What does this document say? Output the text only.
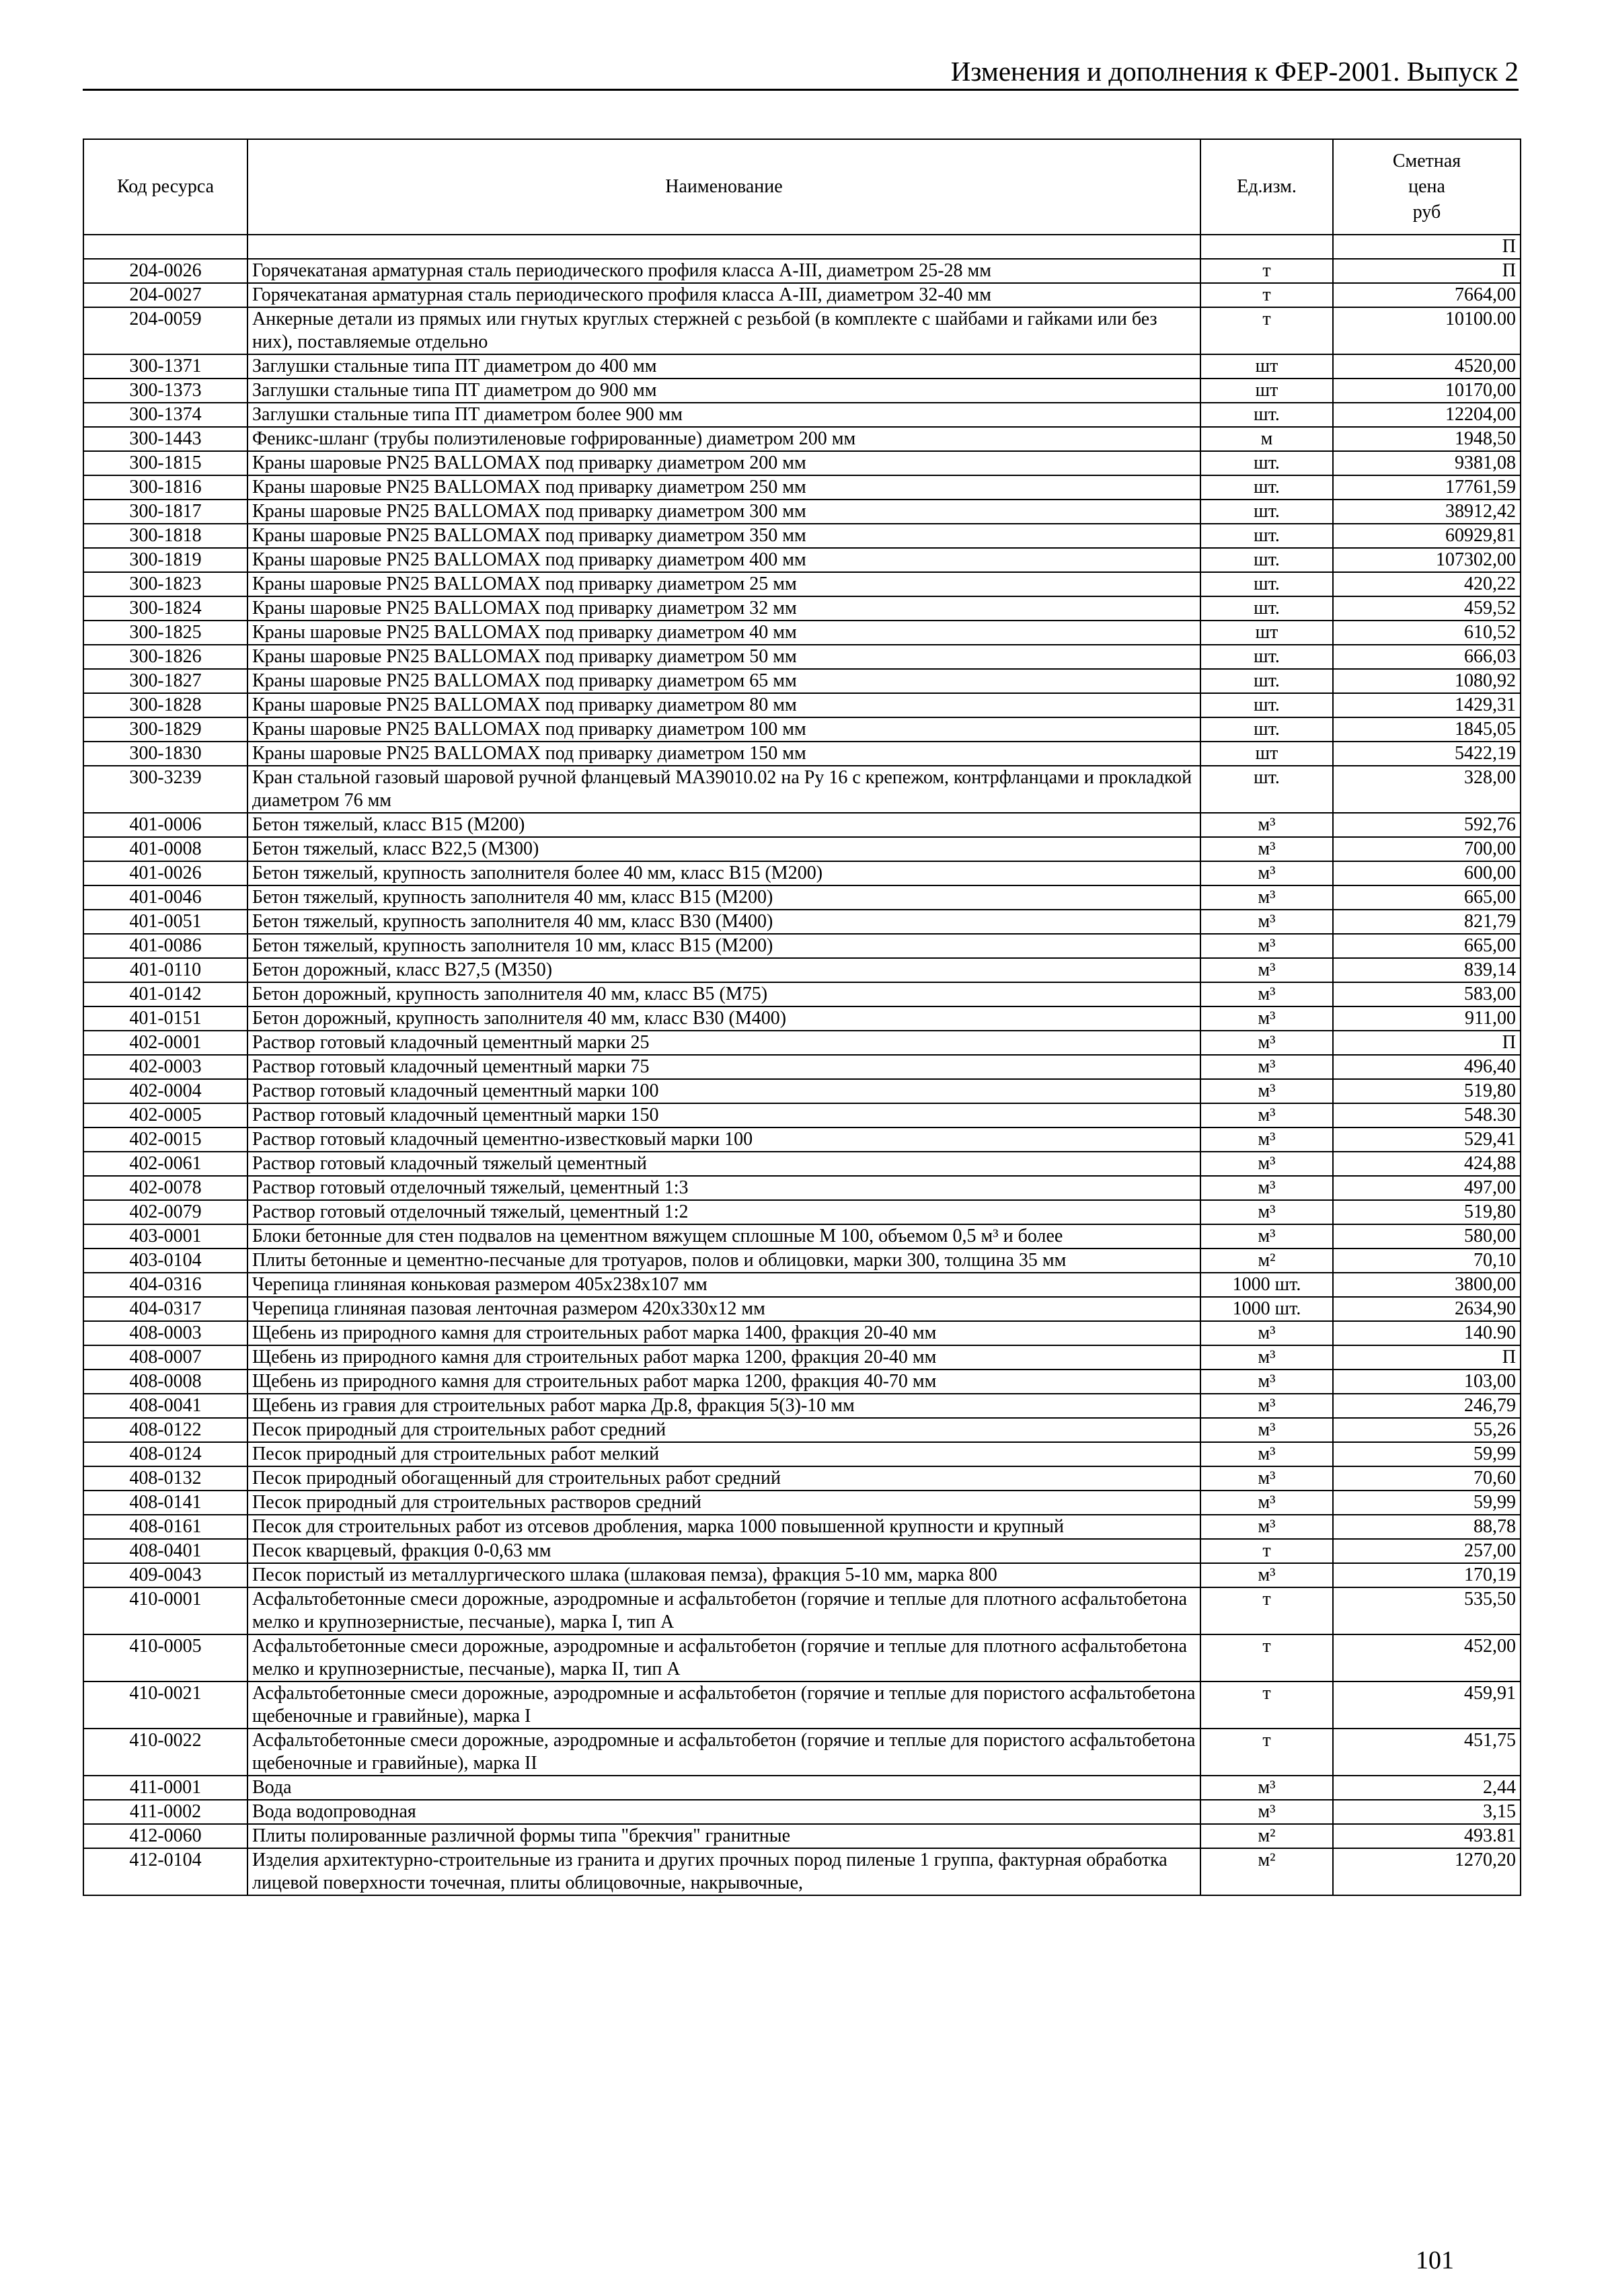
Изменения и дополнения к ФЕР-2001. Выпуск 2
Код ресурса	Наименование	Ед.изм.	Сметная
цена
руб

			П
204-0026	Горячекатаная арматурная сталь периодического профиля класса А-III, диаметром 25-28 мм	т	П
204-0027	Горячекатаная арматурная сталь периодического профиля класса А-III, диаметром 32-40 мм	т	7664,00
204-0059	Анкерные детали из прямых или гнутых круглых стержней с резьбой (в комплекте с шайбами и гайками или без них), поставляемые отдельно	т	10100.00
300-1371	Заглушки стальные типа ПТ диаметром до 400 мм	шт	4520,00
300-1373	Заглушки стальные типа ПТ диаметром до 900 мм	шт	10170,00
300-1374	Заглушки стальные типа ПТ диаметром более 900 мм	шт.	12204,00
300-1443	Феникс-шланг (трубы полиэтиленовые гофрированные) диаметром 200 мм	м	1948,50
300-1815	Краны шаровые PN25 BALLOMAX под приварку диаметром 200 мм	шт.	9381,08
300-1816	Краны шаровые PN25 BALLOMAX под приварку диаметром 250 мм	шт.	17761,59
300-1817	Краны шаровые PN25 BALLOMAX под приварку диаметром 300 мм	шт.	38912,42
300-1818	Краны шаровые PN25 BALLOMAX под приварку диаметром 350 мм	шт.	60929,81
300-1819	Краны шаровые PN25 BALLOMAX под приварку диаметром 400 мм	шт.	107302,00
300-1823	Краны шаровые PN25 BALLOMAX под приварку диаметром 25 мм	шт.	420,22
300-1824	Краны шаровые PN25 BALLOMAX под приварку диаметром 32 мм	шт.	459,52
300-1825	Краны шаровые PN25 BALLOMAX под приварку диаметром 40 мм	шт	610,52
300-1826	Краны шаровые PN25 BALLOMAX под приварку диаметром 50 мм	шт.	666,03
300-1827	Краны шаровые PN25 BALLOMAX под приварку диаметром 65 мм	шт.	1080,92
300-1828	Краны шаровые PN25 BALLOMAX под приварку диаметром 80 мм	шт.	1429,31
300-1829	Краны шаровые PN25 BALLOMAX под приварку диаметром 100 мм	шт.	1845,05
300-1830	Краны шаровые PN25 BALLOMAX под приварку диаметром 150 мм	шт	5422,19
300-3239	Кран стальной газовый шаровой ручной фланцевый МА39010.02 на Ру 16 с крепежом, контрфланцами и прокладкой диаметром 76 мм	шт.	328,00
401-0006	Бетон тяжелый, класс В15 (М200)	м³	592,76
401-0008	Бетон тяжелый, класс В22,5 (М300)	м³	700,00
401-0026	Бетон тяжелый, крупность заполнителя более 40 мм, класс В15 (М200)	м³	600,00
401-0046	Бетон тяжелый, крупность заполнителя 40 мм, класс В15 (М200)	м³	665,00
401-0051	Бетон тяжелый, крупность заполнителя 40 мм, класс В30 (М400)	м³	821,79
401-0086	Бетон тяжелый, крупность заполнителя 10 мм, класс В15 (М200)	м³	665,00
401-0110	Бетон дорожный, класс В27,5 (М350)	м³	839,14
401-0142	Бетон дорожный, крупность заполнителя 40 мм, класс В5 (М75)	м³	583,00
401-0151	Бетон дорожный, крупность заполнителя 40 мм, класс В30 (М400)	м³	911,00
402-0001	Раствор готовый кладочный цементный марки 25	м³	П
402-0003	Раствор готовый кладочный цементный марки 75	м³	496,40
402-0004	Раствор готовый кладочный цементный марки 100	м³	519,80
402-0005	Раствор готовый кладочный цементный марки 150	м³	548.30
402-0015	Раствор готовый кладочный цементно-известковый марки 100	м³	529,41
402-0061	Раствор готовый кладочный тяжелый цементный	м³	424,88
402-0078	Раствор готовый отделочный тяжелый, цементный 1:3	м³	497,00
402-0079	Раствор готовый отделочный тяжелый, цементный 1:2	м³	519,80
403-0001	Блоки бетонные для стен подвалов на цементном вяжущем сплошные М 100, объемом 0,5 м³ и более	м³	580,00
403-0104	Плиты бетонные и цементно-песчаные для тротуаров, полов и облицовки, марки 300, толщина 35 мм	м²	70,10
404-0316	Черепица глиняная коньковая размером 405х238х107 мм	1000 шт.	3800,00
404-0317	Черепица глиняная пазовая ленточная размером 420х330х12 мм	1000 шт.	2634,90
408-0003	Щебень из природного камня для строительных работ марка 1400, фракция 20-40 мм	м³	140.90
408-0007	Щебень из природного камня для строительных работ марка 1200, фракция 20-40 мм	м³	П
408-0008	Щебень из природного камня для строительных работ марка 1200, фракция 40-70 мм	м³	103,00
408-0041	Щебень из гравия для строительных работ марка Др.8, фракция 5(3)-10 мм	м³	246,79
408-0122	Песок природный для строительных работ средний	м³	55,26
408-0124	Песок природный для строительных работ мелкий	м³	59,99
408-0132	Песок природный обогащенный для строительных работ средний	м³	70,60
408-0141	Песок природный для строительных растворов средний	м³	59,99
408-0161	Песок для строительных работ из отсевов дробления, марка 1000 повышенной крупности и крупный	м³	88,78
408-0401	Песок кварцевый, фракция 0-0,63 мм	т	257,00
409-0043	Песок пористый из металлургического шлака (шлаковая пемза), фракция 5-10 мм, марка 800	м³	170,19
410-0001	Асфальтобетонные смеси дорожные, аэродромные и асфальтобетон (горячие и теплые для плотного асфальтобетона мелко и крупнозернистые, песчаные), марка I, тип А	т	535,50
410-0005	Асфальтобетонные смеси дорожные, аэродромные и асфальтобетон (горячие и теплые для плотного асфальтобетона мелко и крупнозернистые, песчаные), марка II, тип А	т	452,00
410-0021	Асфальтобетонные смеси дорожные, аэродромные и асфальтобетон (горячие и теплые для пористого асфальтобетона щебеночные и гравийные), марка I	т	459,91
410-0022	Асфальтобетонные смеси дорожные, аэродромные и асфальтобетон (горячие и теплые для пористого асфальтобетона щебеночные и гравийные), марка II	т	451,75
411-0001	Вода	м³	2,44
411-0002	Вода водопроводная	м³	3,15
412-0060	Плиты полированные различной формы типа "брекчия" гранитные	м²	493.81
412-0104	Изделия архитектурно-строительные из гранита и других прочных пород пиленые 1 группа, фактурная обработка лицевой поверхности точечная, плиты облицовочные, накрывочные,	м²	1270,20
101
